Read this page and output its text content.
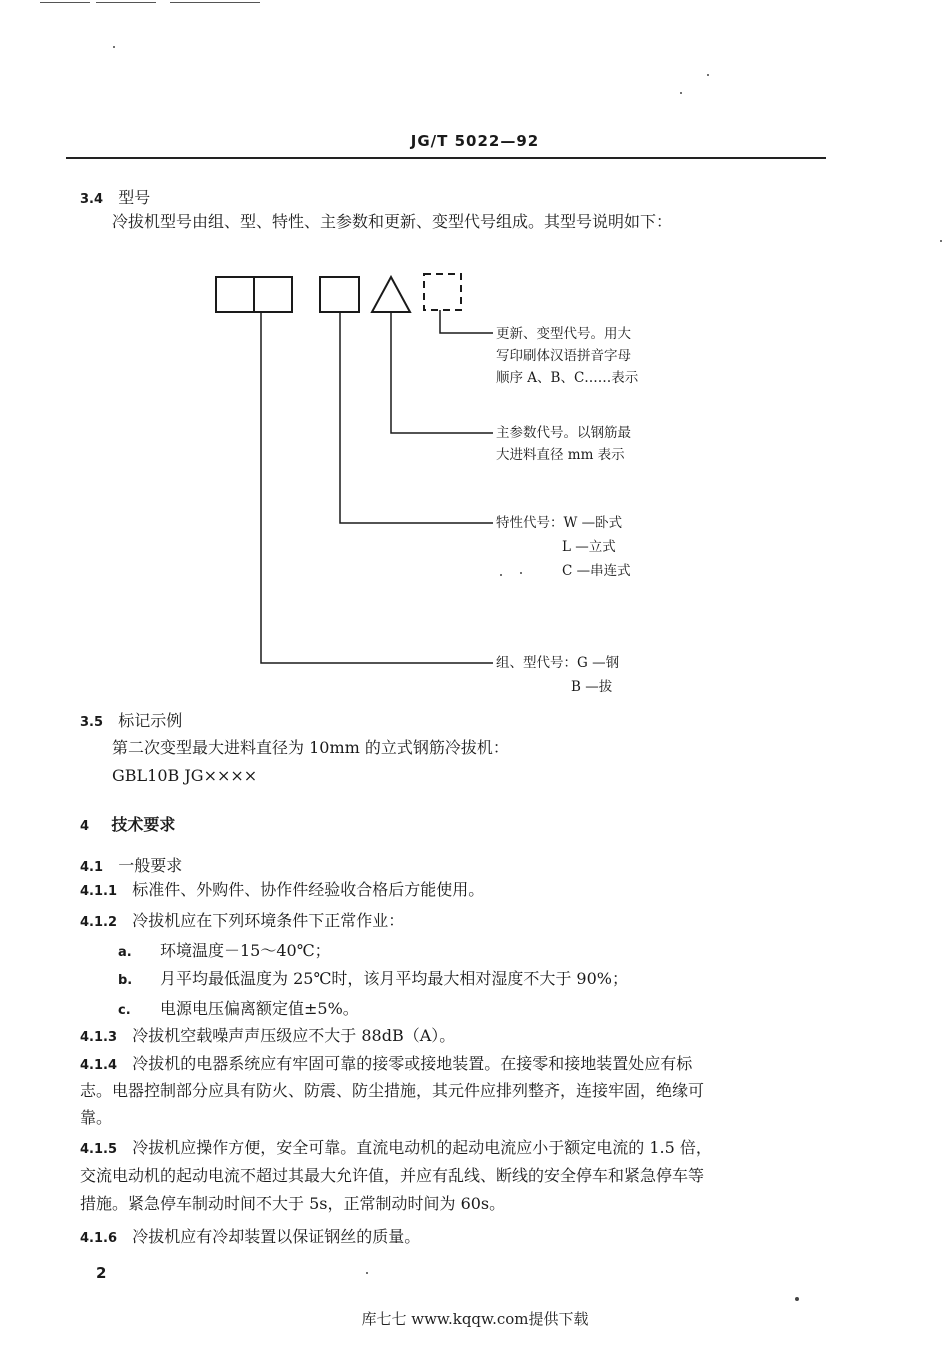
JG/T 5022—92
3.4 型号
冷拔机型号由组、型、特性、主参数和更新、变型代号组成。其型号说明如下：
更新、变型代号。用大
写印刷体汉语拼音字母
顺序 A、B、C……表示
主参数代号。以钢筋最
大进料直径 mm 表示
特性代号：W —卧式
L —立式
C —串连式
组、型代号：G —钢
B —拔
3.5 标记示例
第二次变型最大进料直径为 10mm 的立式钢筋冷拔机：
GBL10B JG××××
4 技术要求
4.1 一般要求
4.1.1 标准件、外购件、协作件经验收合格后方能使用。
4.1.2 冷拔机应在下列环境条件下正常作业：
a. 环境温度－15～40℃；
b. 月平均最低温度为 25℃时，该月平均最大相对湿度不大于 90%；
c. 电源电压偏离额定值±5%。
4.1.3 冷拔机空载噪声声压级应不大于 88dB（A）。
4.1.4 冷拔机的电器系统应有牢固可靠的接零或接地装置。在接零和接地装置处应有标
志。电器控制部分应具有防火、防震、防尘措施，其元件应排列整齐，连接牢固，绝缘可
靠。
4.1.5 冷拔机应操作方便，安全可靠。直流电动机的起动电流应小于额定电流的 1.5 倍，
交流电动机的起动电流不超过其最大允许值，并应有乱线、断线的安全停车和紧急停车等
措施。紧急停车制动时间不大于 5s，正常制动时间为 60s。
4.1.6 冷拔机应有冷却装置以保证钢丝的质量。
2
库七七 www.kqqw.com提供下载
